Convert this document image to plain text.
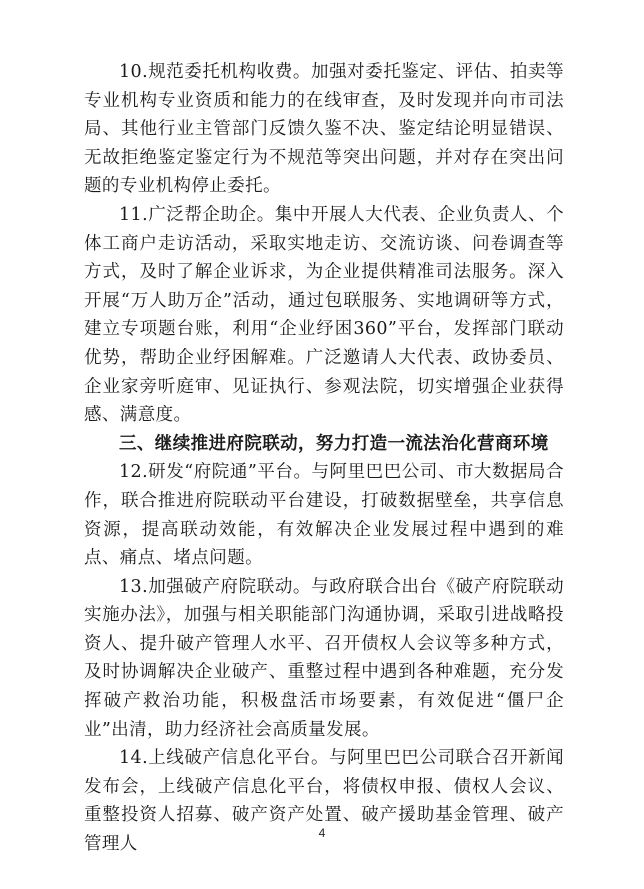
10.规范委托机构收费。加强对委托鉴定、评估、拍卖等专业机构专业资质和能力的在线审查，及时发现并向市司法局、其他行业主管部门反馈久鉴不决、鉴定结论明显错误、无故拒绝鉴定鉴定行为不规范等突出问题，并对存在突出问题的专业机构停止委托。

11.广泛帮企助企。集中开展人大代表、企业负责人、个体工商户走访活动，采取实地走访、交流访谈、问卷调查等方式，及时了解企业诉求，为企业提供精准司法服务。深入开展“万人助万企”活动，通过包联服务、实地调研等方式，建立专项题台账，利用“企业纾困360”平台，发挥部门联动优势，帮助企业纾困解难。广泛邀请人大代表、政协委员、企业家旁听庭审、见证执行、参观法院，切实增强企业获得感、满意度。

三、继续推进府院联动，努力打造一流法治化营商环境

12.研发“府院通”平台。与阿里巴巴公司、市大数据局合作，联合推进府院联动平台建设，打破数据壁垒，共享信息资源，提高联动效能，有效解决企业发展过程中遇到的难点、痛点、堵点问题。

13.加强破产府院联动。与政府联合出台《破产府院联动实施办法》，加强与相关职能部门沟通协调，采取引进战略投资人、提升破产管理人水平、召开债权人会议等多种方式，及时协调解决企业破产、重整过程中遇到各种难题，充分发挥破产救治功能，积极盘活市场要素，有效促进“僵尸企业”出清，助力经济社会高质量发展。

14.上线破产信息化平台。与阿里巴巴公司联合召开新闻发布会，上线破产信息化平台，将债权申报、债权人会议、重整投资人招募、破产资产处置、破产援助基金管理、破产管理人

4
